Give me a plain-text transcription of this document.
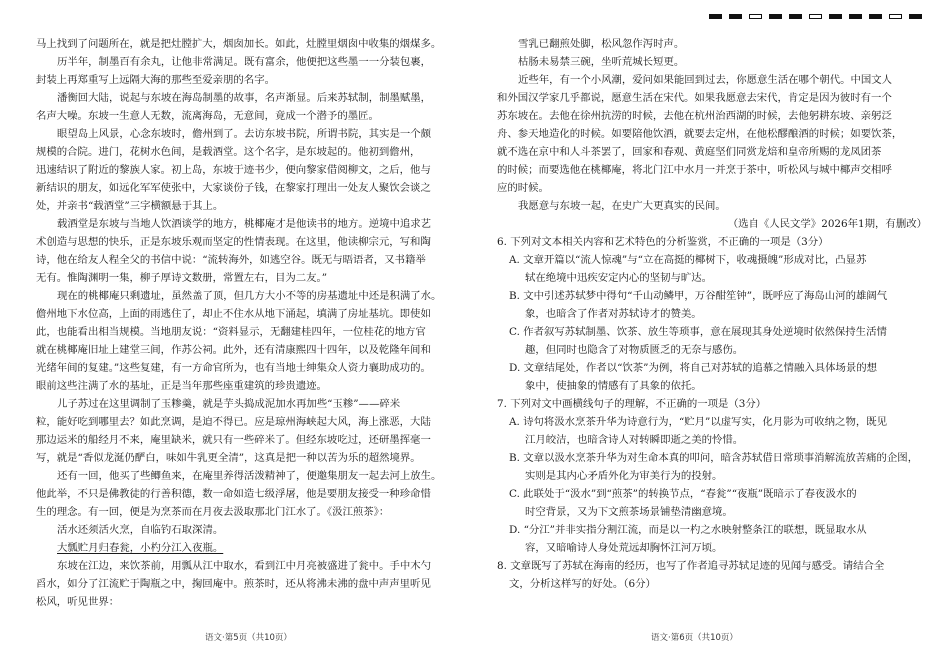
马上找到了问题所在，就是把灶膛扩大，烟囱加长。如此，灶膛里烟囱中收集的烟煤多。
历半年，制墨百有余丸，让他非常满足。既有富余，他便把这些墨一一分装包裹，
封装上再郑重写上远隔大海的那些至爱亲朋的名字。
潘衡回大陆，说起与东坡在海岛制墨的故事，名声渐显。后来苏轼制，制墨赋墨，
名声大噪。东坡一生意人无数，流离海岛，无意间，竟成一个潜予的墨匠。
眼望岛上风景，心念东坡时，儋州到了。去访东坡书院，所谓书院，其实是一个颇
规模的合院。进门，花树水色间，是载酒堂。这个名字，是东坡起的。他初到儋州，
迅速结识了附近的黎族人家。初上岛，东坡于迹书少，便向黎家借阅柳文，之后，他与
新结识的朋友，如远化军军使张中，大家谈份子钱，在黎家打理出一处友人聚饮会谈之
处，并亲书“载酒堂”三字横额悬于其上。
载酒堂是东坡与当地人饮酒谈学的地方，桃椰庵才是他读书的地方。逆境中追求艺
术创造与思想的快乐，正是东坡乐观而坚定的性情表现。在这里，他读柳宗元，写和陶
诗，他在给友人程全父的书信中说：“流转海外，如逃空谷。既无与晤语者，又书籍举
无有。惟陶渊明一集，柳子厚诗文数册，常置左右，目为二友。”
现在的桃椰庵只剩遗址，虽然盖了顶，但几方大小不等的房基遗址中还是积满了水。
儋州地下水位高，上面的雨逃住了，却止不住水从地下涌起，填满了房址基坑。即使如
此，也能看出相当规模。当地朋友说：“资料显示，无翻建桂四年，一位桂花的地方官
就在桃椰庵旧址上建堂三间，作苏公祠。此外，还有清康熙四十四年，以及乾隆年间和
光绪年间的复建。”这些复建，有一方命官所为，也有当地士绅集众人资力襄助成功的。
眼前这些注满了水的基址，正是当年那些座重建筑的珍贵遗迹。
儿子苏过在这里调制了玉糁羹，就是芋头捣成泥加水再加些“玉糁”——碎米
粒，能好吃到哪里去？如此烹调，是迫不得已。应是琼州海峡起大风，海上涨恶，大陆
那边运米的船经月不来，庵里缺米，就只有一些碎米了。但经东坡吃过，还研墨挥毫一
写，就是“香似龙涎仍酽白，味如牛乳更全清”，这真是把一种以苦为乐的超然境界。
还有一回，他买了些鲫鱼来，在庵里养得活泼精神了，便邀集朋友一起去河上放生。
他此举，不只是佛教徒的行善积德，数一命如造七级浮屠，他是要朋友接受一种珍命惜
生的理念。有一回，便是为烹茶而在月夜去汲取那北门江水了。《汲江煎茶》：
活水还须活火烹，自临钓石取深清。
大瓢贮月归春瓮，小杓分江入夜瓶。
东坡在江边，来饮茶前，用瓢从江中取水，看到江中月亮被盛进了瓮中。手中木勺
舀水，如分了江流贮于陶瓶之中，掬回庵中。煎茶时，还从将沸未沸的盘中声声里听见
松风，听见世界：
语文·第5页（共10页）
雪乳已翻煎处脚，松风忽作泻时声。
枯肠未易禁三碗，坐听荒城长短更。
近些年，有一个小风潮，爱问如果能回到过去，你愿意生活在哪个朝代。中国文人
和外国汉学家几乎都说，愿意生活在宋代。如果我愿意去宋代，肯定是因为彼时有一个
苏东坡在。去他在徐州抗涝的时候，去他在杭州治西湖的时候，去他躬耕东坡、亲躬泛
舟、参天地造化的时候。如要陪他饮酒，就要去定州，在他松醪酿酒的时候；如要饮茶，
就不选在京中和人斗茶罢了，回家和春观、黄庭坚们同赏龙焙和皇帝所赐的龙凤团茶
的时候；而要选他在桃椰庵，将北门江中水月一并烹于茶中，听松风与城中椰声交相呼
应的时候。
我愿意与东坡一起，在史广大更真实的民间。
（选自《人民文学》2026年1期，有删改）
6. 下列对文本相关内容和艺术特色的分析鉴赏，不正确的一项是（3分）
A. 文章开篇以“流人惊魂”与“立在高挺的椰树下，收魂摄魄”形成对比，凸显苏
轼在绝境中迅疾安定内心的坚韧与旷达。
B. 文中引述苏轼梦中得句“千山动鳞甲，万谷酣笙钟”，既呼应了海岛山河的雄阔气
象，也暗含了作者对苏轼诗才的赞美。
C. 作者叙写苏轼制墨、饮茶、放生等琐事，意在展现其身处逆境时依然保持生活情
趣，但同时也隐含了对物质匮乏的无奈与感伤。
D. 文章结尾处，作者以“饮茶”为例，将自己对苏轼的追慕之情融入具体场景的想
象中，使抽象的情感有了具象的依托。
7. 下列对文中画横线句子的理解，不正确的一项是（3分）
A. 诗句将汲水烹茶升华为诗意行为，“贮月”以虚写实，化月影为可收纳之物，既见
江月皎洁，也暗含诗人对转瞬即逝之美的怜惜。
B. 文章以汲水烹茶升华为对生命本真的叩问，暗含苏轼借日常琐事消解流放苦痛的企图，
实则是其内心矛盾外化为审美行为的投射。
C. 此联处于“汲水”到“煎茶”的转换节点，“春瓮”“夜瓶”既暗示了春夜汲水的
时空背景，又为下文煎茶场景铺垫清幽意境。
D. “分江”并非实指分割江流，而是以一杓之水映射整条江的联想，既显取水从
容，又暗喻诗人身处荒远却胸怀江河万顷。
8. 文章既写了苏轼在海南的经历，也写了作者追寻苏轼足迹的见闻与感受。请结合全
文，分析这样写的好处。（6分）
语文·第6页（共10页）
